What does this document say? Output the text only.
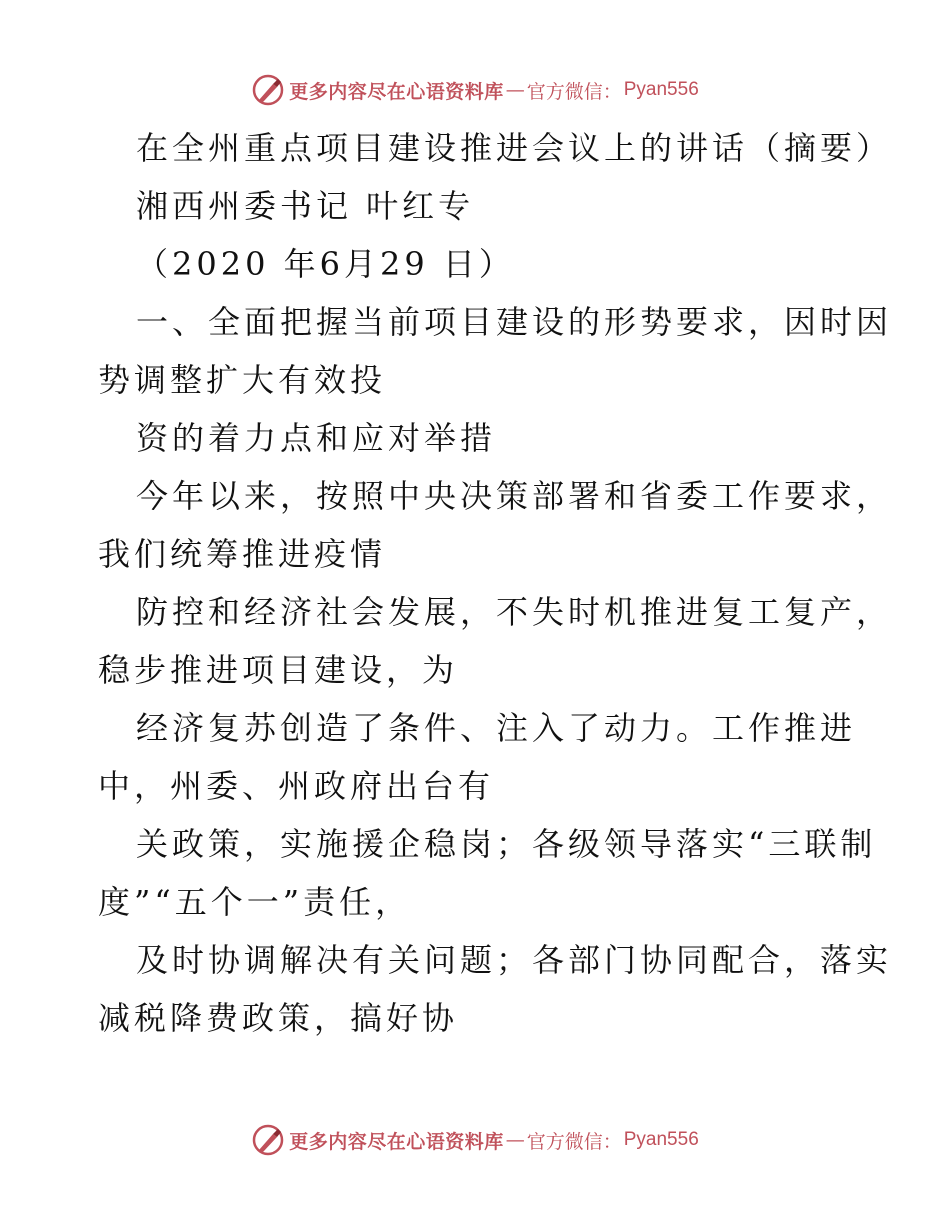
更多内容尽在心语资料库 — 官方微信： Pyan556
在全州重点项目建设推进会议上的讲话（摘要）
湘西州委书记 叶红专
（2020 年6月29 日）
一、全面把握当前项目建设的形势要求，因时因
势调整扩大有效投
资的着力点和应对举措
今年以来，按照中央决策部署和省委工作要求，
我们统筹推进疫情
防控和经济社会发展，不失时机推进复工复产，
稳步推进项目建设，为
经济复苏创造了条件、注入了动力。工作推进
中，州委、州政府出台有
关政策，实施援企稳岗；各级领导落实“三联制
度”“五个一”责任，
及时协调解决有关问题；各部门协同配合，落实
减税降费政策，搞好协
更多内容尽在心语资料库 — 官方微信： Pyan556
